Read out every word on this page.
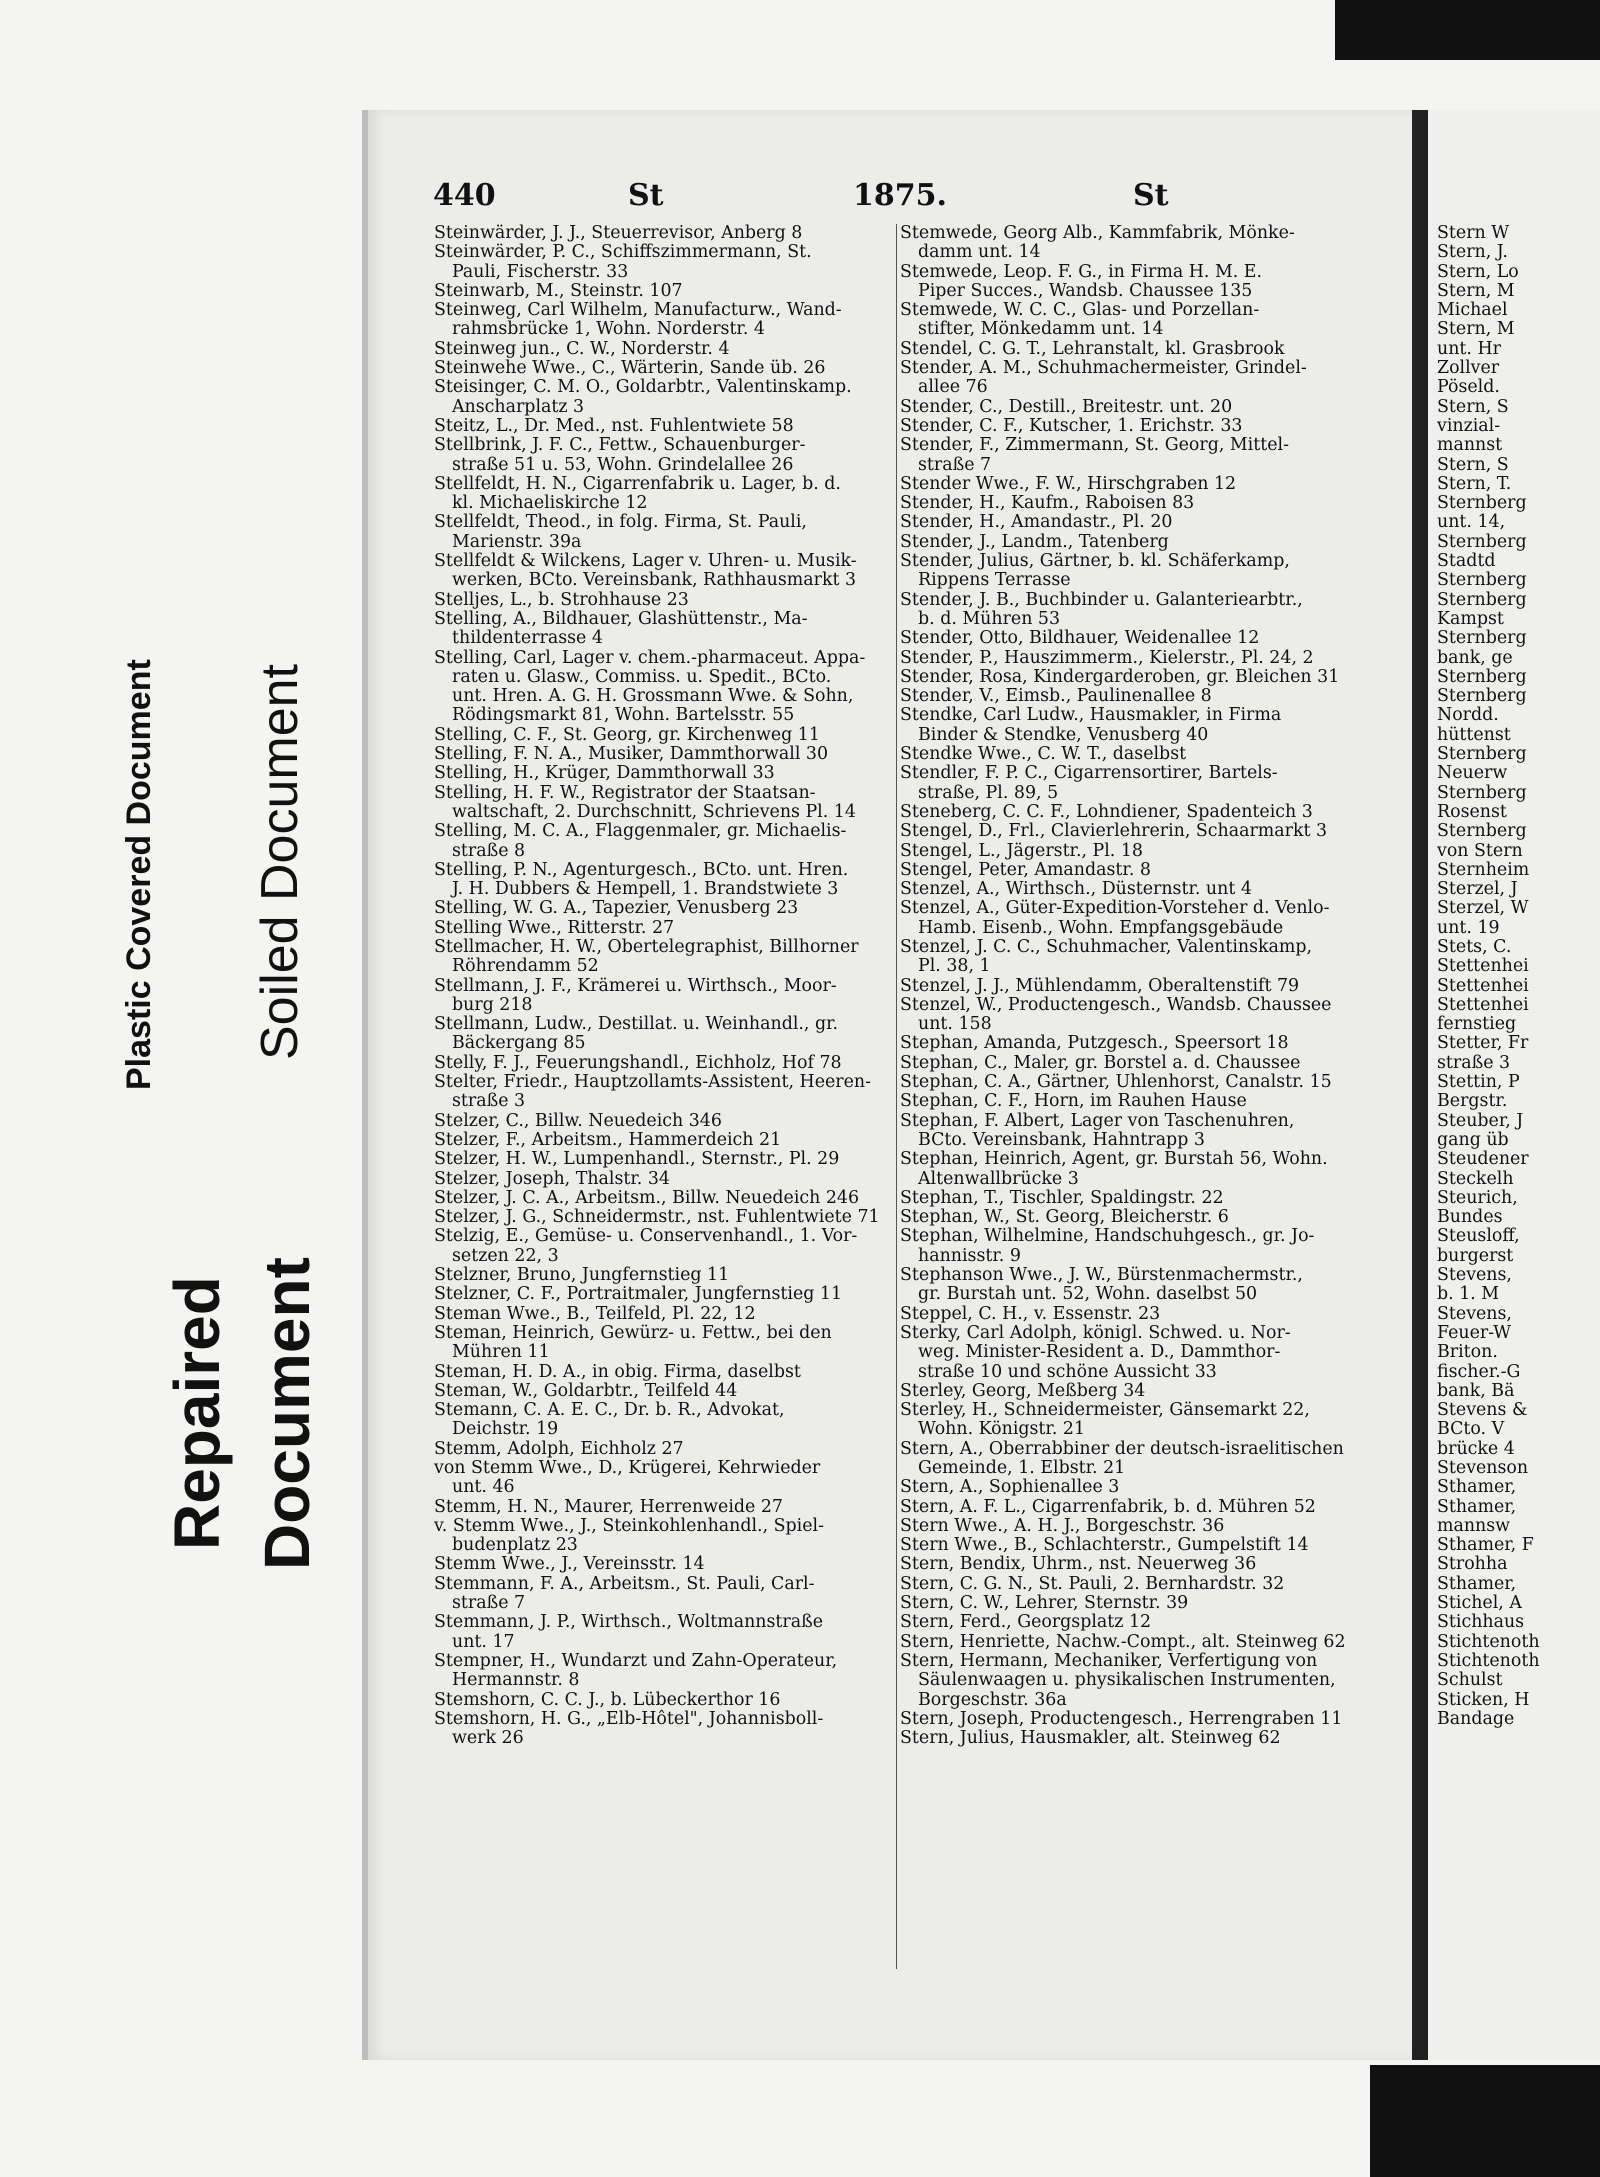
Plastic Covered Document Soiled Document
Repaired Document
440	St	1875.	St
Steinwärder, J. J., Steuerrevisor, Anberg 8
Steinwärder, P. C., Schiffszimmermann, St.
Pauli, Fischerstr. 33
Steinwarb, M., Steinstr. 107
Steinweg, Carl Wilhelm, Manufacturw., Wand-
rahmsbrücke 1, Wohn. Norderstr. 4
Steinweg jun., C. W., Norderstr. 4
Steinwehe Wwe., C., Wärterin, Sande üb. 26
Steisinger, C. M. O., Goldarbtr., Valentinskamp.
Anscharplatz 3
Steitz, L., Dr. Med., nst. Fuhlentwiete 58
Stellbrink, J. F. C., Fettw., Schauenburger-
straße 51 u. 53, Wohn. Grindelallee 26
Stellfeldt, H. N., Cigarrenfabrik u. Lager, b. d.
kl. Michaeliskirche 12
Stellfeldt, Theod., in folg. Firma, St. Pauli,
Marienstr. 39a
Stellfeldt & Wilckens, Lager v. Uhren- u. Musik-
werken, BCto. Vereinsbank, Rathhausmarkt 3
Stelljes, L., b. Strohhause 23
Stelling, A., Bildhauer, Glashüttenstr., Ma-
thildenterrasse 4
Stelling, Carl, Lager v. chem.-pharmaceut. Appa-
raten u. Glasw., Commiss. u. Spedit., BCto.
unt. Hren. A. G. H. Grossmann Wwe. & Sohn,
Rödingsmarkt 81, Wohn. Bartelsstr. 55
Stelling, C. F., St. Georg, gr. Kirchenweg 11
Stelling, F. N. A., Musiker, Dammthorwall 30
Stelling, H., Krüger, Dammthorwall 33
Stelling, H. F. W., Registrator der Staatsan-
waltschaft, 2. Durchschnitt, Schrievens Pl. 14
Stelling, M. C. A., Flaggenmaler, gr. Michaelis-
straße 8
Stelling, P. N., Agenturgesch., BCto. unt. Hren.
J. H. Dubbers & Hempell, 1. Brandstwiete 3
Stelling, W. G. A., Tapezier, Venusberg 23
Stelling Wwe., Ritterstr. 27
Stellmacher, H. W., Obertelegraphist, Billhorner
Röhrendamm 52
Stellmann, J. F., Krämerei u. Wirthsch., Moor-
burg 218
Stellmann, Ludw., Destillat. u. Weinhandl., gr.
Bäckergang 85
Stelly, F. J., Feuerungshandl., Eichholz, Hof 78
Stelter, Friedr., Hauptzollamts-Assistent, Heeren-
straße 3
Stelzer, C., Billw. Neuedeich 346
Stelzer, F., Arbeitsm., Hammerdeich 21
Stelzer, H. W., Lumpenhandl., Sternstr., Pl. 29
Stelzer, Joseph, Thalstr. 34
Stelzer, J. C. A., Arbeitsm., Billw. Neuedeich 246
Stelzer, J. G., Schneidermstr., nst. Fuhlentwiete 71
Stelzig, E., Gemüse- u. Conservenhandl., 1. Vor-
setzen 22, 3
Stelzner, Bruno, Jungfernstieg 11
Stelzner, C. F., Portraitmaler, Jungfernstieg 11
Steman Wwe., B., Teilfeld, Pl. 22, 12
Steman, Heinrich, Gewürz- u. Fettw., bei den
Mühren 11
Steman, H. D. A., in obig. Firma, daselbst
Steman, W., Goldarbtr., Teilfeld 44
Stemann, C. A. E. C., Dr. b. R., Advokat,
Deichstr. 19
Stemm, Adolph, Eichholz 27
von Stemm Wwe., D., Krügerei, Kehrwieder
unt. 46
Stemm, H. N., Maurer, Herrenweide 27
v. Stemm Wwe., J., Steinkohlenhandl., Spiel-
budenplatz 23
Stemm Wwe., J., Vereinsstr. 14
Stemmann, F. A., Arbeitsm., St. Pauli, Carl-
straße 7
Stemmann, J. P., Wirthsch., Woltmannstraße
unt. 17
Stempner, H., Wundarzt und Zahn-Operateur,
Hermannstr. 8
Stemshorn, C. C. J., b. Lübeckerthor 16
Stemshorn, H. G., „Elb-Hôtel", Johannisboll-
werk 26
Stemwede, Georg Alb., Kammfabrik, Mönke-
damm unt. 14
Stemwede, Leop. F. G., in Firma H. M. E.
Piper Succes., Wandsb. Chaussee 135
Stemwede, W. C. C., Glas- und Porzellan-
stifter, Mönkedamm unt. 14
Stendel, C. G. T., Lehranstalt, kl. Grasbrook
Stender, A. M., Schuhmachermeister, Grindel-
allee 76
Stender, C., Destill., Breitestr. unt. 20
Stender, C. F., Kutscher, 1. Erichstr. 33
Stender, F., Zimmermann, St. Georg, Mittel-
straße 7
Stender Wwe., F. W., Hirschgraben 12
Stender, H., Kaufm., Raboisen 83
Stender, H., Amandastr., Pl. 20
Stender, J., Landm., Tatenberg
Stender, Julius, Gärtner, b. kl. Schäferkamp,
Rippens Terrasse
Stender, J. B., Buchbinder u. Galanteriearbtr.,
b. d. Mühren 53
Stender, Otto, Bildhauer, Weidenallee 12
Stender, P., Hauszimmerm., Kielerstr., Pl. 24, 2
Stender, Rosa, Kindergarderoben, gr. Bleichen 31
Stender, V., Eimsb., Paulinenallee 8
Stendke, Carl Ludw., Hausmakler, in Firma
Binder & Stendke, Venusberg 40
Stendke Wwe., C. W. T., daselbst
Stendler, F. P. C., Cigarrensortirer, Bartels-
straße, Pl. 89, 5
Steneberg, C. C. F., Lohndiener, Spadenteich 3
Stengel, D., Frl., Clavierlehrerin, Schaarmarkt 3
Stengel, L., Jägerstr., Pl. 18
Stengel, Peter, Amandastr. 8
Stenzel, A., Wirthsch., Düsternstr. unt 4
Stenzel, A., Güter-Expedition-Vorsteher d. Venlo-
Hamb. Eisenb., Wohn. Empfangsgebäude
Stenzel, J. C. C., Schuhmacher, Valentinskamp,
Pl. 38, 1
Stenzel, J. J., Mühlendamm, Oberaltenstift 79
Stenzel, W., Productengesch., Wandsb. Chaussee
unt. 158
Stephan, Amanda, Putzgesch., Speersort 18
Stephan, C., Maler, gr. Borstel a. d. Chaussee
Stephan, C. A., Gärtner, Uhlenhorst, Canalstr. 15
Stephan, C. F., Horn, im Rauhen Hause
Stephan, F. Albert, Lager von Taschenuhren,
BCto. Vereinsbank, Hahntrapp 3
Stephan, Heinrich, Agent, gr. Burstah 56, Wohn.
Altenwallbrücke 3
Stephan, T., Tischler, Spaldingstr. 22
Stephan, W., St. Georg, Bleicherstr. 6
Stephan, Wilhelmine, Handschuhgesch., gr. Jo-
hannisstr. 9
Stephanson Wwe., J. W., Bürstenmachermstr.,
gr. Burstah unt. 52, Wohn. daselbst 50
Steppel, C. H., v. Essenstr. 23
Sterky, Carl Adolph, königl. Schwed. u. Nor-
weg. Minister-Resident a. D., Dammthor-
straße 10 und schöne Aussicht 33
Sterley, Georg, Meßberg 34
Sterley, H., Schneidermeister, Gänsemarkt 22,
Wohn. Königstr. 21
Stern, A., Oberrabbiner der deutsch-israelitischen
Gemeinde, 1. Elbstr. 21
Stern, A., Sophienallee 3
Stern, A. F. L., Cigarrenfabrik, b. d. Mühren 52
Stern Wwe., A. H. J., Borgeschstr. 36
Stern Wwe., B., Schlachterstr., Gumpelstift 14
Stern, Bendix, Uhrm., nst. Neuerweg 36
Stern, C. G. N., St. Pauli, 2. Bernhardstr. 32
Stern, C. W., Lehrer, Sternstr. 39
Stern, Ferd., Georgsplatz 12
Stern, Henriette, Nachw.-Compt., alt. Steinweg 62
Stern, Hermann, Mechaniker, Verfertigung von
Säulenwaagen u. physikalischen Instrumenten,
Borgeschstr. 36a
Stern, Joseph, Productengesch., Herrengraben 11
Stern, Julius, Hausmakler, alt. Steinweg 62
Stern W
Stern, J.
Stern, Lo
Stern, M
Michael
Stern, M
unt. Hr
Zollver
Pöseld.
Stern, S
vinzial-
mannst
Stern, S
Stern, T.
Sternberg
unt. 14,
Sternberg
Stadtd
Sternberg
Sternberg
Kampst
Sternberg
bank, ge
Sternberg
Sternberg
Nordd.
hüttenst
Sternberg
Neuerw
Sternberg
Rosenst
Sternberg
von Stern
Sternheim
Sterzel, J
Sterzel, W
unt. 19
Stets, C.
Stettenhei
Stettenhei
Stettenhei
fernstieg
Stetter, Fr
straße 3
Stettin, P
Bergstr.
Steuber, J
gang üb
Steudener
Steckelh
Steurich,
Bundes
Steusloff,
burgerst
Stevens,
b. 1. M
Stevens,
Feuer-W
Briton.
fischer.-G
bank, Bä
Stevens &
BCto. V
brücke 4
Stevenson
Sthamer,
Sthamer,
mannsw
Sthamer, F
Strohha
Sthamer,
Stichel, A
Stichhaus
Stichtenoth
Stichtenoth
Schulst
Sticken, H
Bandage
